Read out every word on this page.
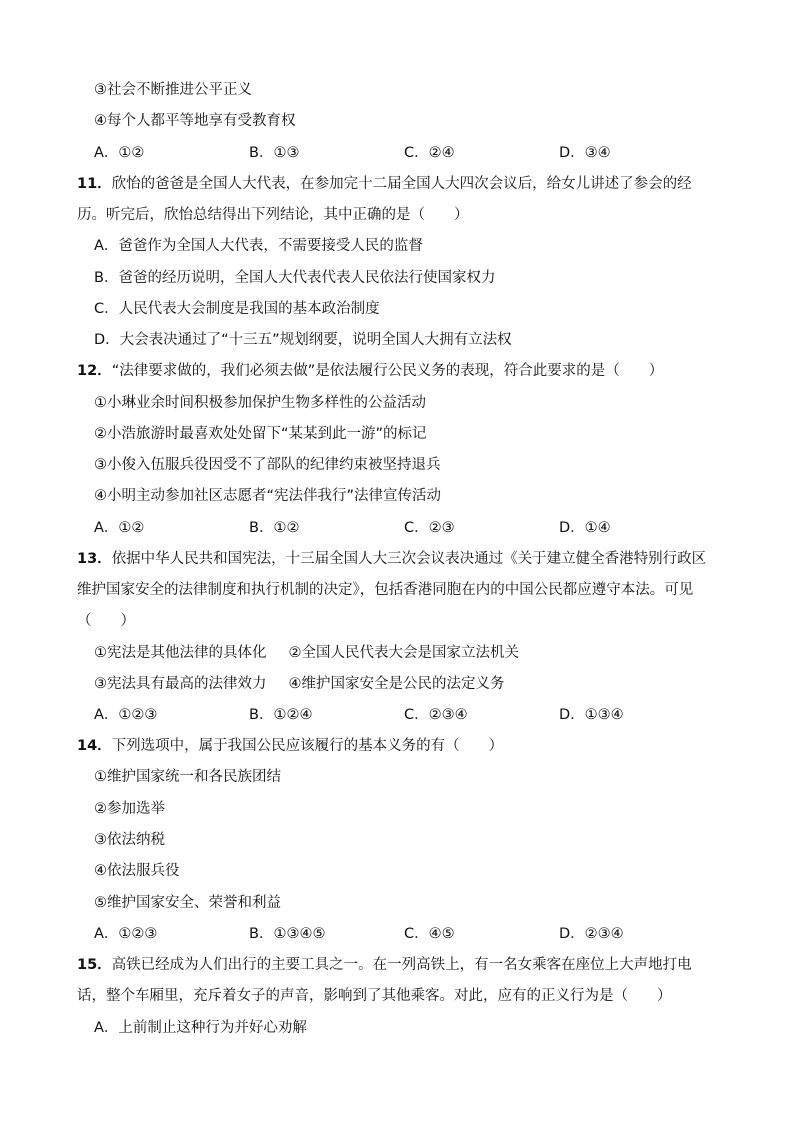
③社会不断推进公平正义
④每个人都平等地享有受教育权
A．①②	B．①③	C．②④	D．③④
11．欣怡的爸爸是全国人大代表，在参加完十二届全国人大四次会议后，给女儿讲述了参会的经
历。听完后，欣怡总结得出下列结论，其中正确的是（　　）
A．爸爸作为全国人大代表，不需要接受人民的监督
B．爸爸的经历说明，全国人大代表代表人民依法行使国家权力
C．人民代表大会制度是我国的基本政治制度
D．大会表决通过了“十三五”规划纲要，说明全国人大拥有立法权
12．“法律要求做的，我们必须去做”是依法履行公民义务的表现，符合此要求的是（　　）
①小琳业余时间积极参加保护生物多样性的公益活动
②小浩旅游时最喜欢处处留下“某某到此一游”的标记
③小俊入伍服兵役因受不了部队的纪律约束被坚持退兵
④小明主动参加社区志愿者“宪法伴我行”法律宣传活动
A．①②	B．①②	C．②③	D．①④
13．依据中华人民共和国宪法，十三届全国人大三次会议表决通过《关于建立健全香港特别行政区
维护国家安全的法律制度和执行机制的决定》，包括香港同胞在内的中国公民都应遵守本法。可见
（　　）
①宪法是其他法律的具体化 ②全国人民代表大会是国家立法机关
③宪法具有最高的法律效力 ④维护国家安全是公民的法定义务
A．①②③	B．①②④	C．②③④	D．①③④
14．下列选项中，属于我国公民应该履行的基本义务的有（　　）
①维护国家统一和各民族团结
②参加选举
③依法纳税
④依法服兵役
⑤维护国家安全、荣誉和利益
A．①②③	B．①③④⑤	C．④⑤	D．②③④
15．高铁已经成为人们出行的主要工具之一。在一列高铁上，有一名女乘客在座位上大声地打电
话，整个车厢里，充斥着女子的声音，影响到了其他乘客。对此，应有的正义行为是（　　）
A．上前制止这种行为并好心劝解
